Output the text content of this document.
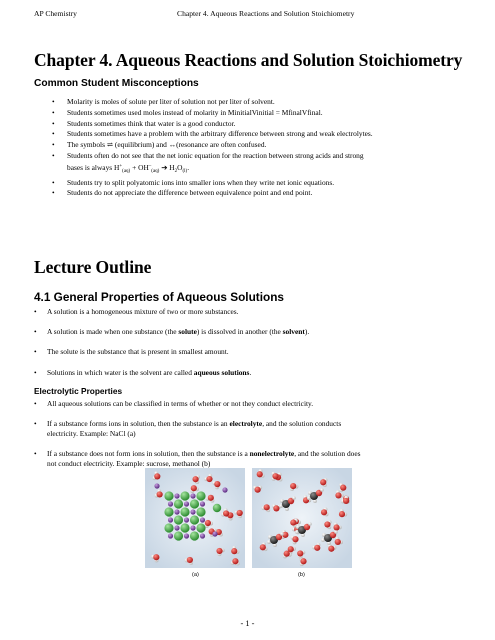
AP Chemistry	Chapter 4. Aqueous Reactions and Solution Stoichiometry
Chapter 4. Aqueous Reactions and Solution Stoichiometry
Common Student Misconceptions
• Molarity is moles of solute per liter of solution not per liter of solvent.
• Students sometimes used moles instead of molarity in MinitialVinitial = MfinalVfinal.
• Students sometimes think that water is a good conductor.
• Students sometimes have a problem with the arbitrary difference between strong and weak electrolytes.
• The symbols ⇌ (equilibrium) and ↔(resonance are often confused.
• Students often do not see that the net ionic equation for the reaction between strong acids and strong
bases is always $H^+_{(aq)} + OH^-_{(aq)}$ ➔ $H_2O_{(l)}$.
• Students try to split polyatomic ions into smaller ions when they write net ionic equations.
• Students do not appreciate the difference between equivalence point and end point.
Lecture Outline
4.1 General Properties of Aqueous Solutions
•	A solution is a homogeneous mixture of two or more substances.
•	A solution is made when one substance (the solute) is dissolved in another (the solvent).
•	The solute is the substance that is present in smallest amount.
•	Solutions in which water is the solvent are called aqueous solutions.
Electrolytic Properties
•	All aqueous solutions can be classified in terms of whether or not they conduct electricity.
•	If a substance forms ions in solution, then the substance is an electrolyte, and the solution conducts
electricity. Example: NaCl (a)
•	If a substance does not form ions in solution, then the substance is a nonelectrolyte, and the solution does
not conduct electricity. Example: sucrose, methanol (b)
(a)	(b)
- 1 -
